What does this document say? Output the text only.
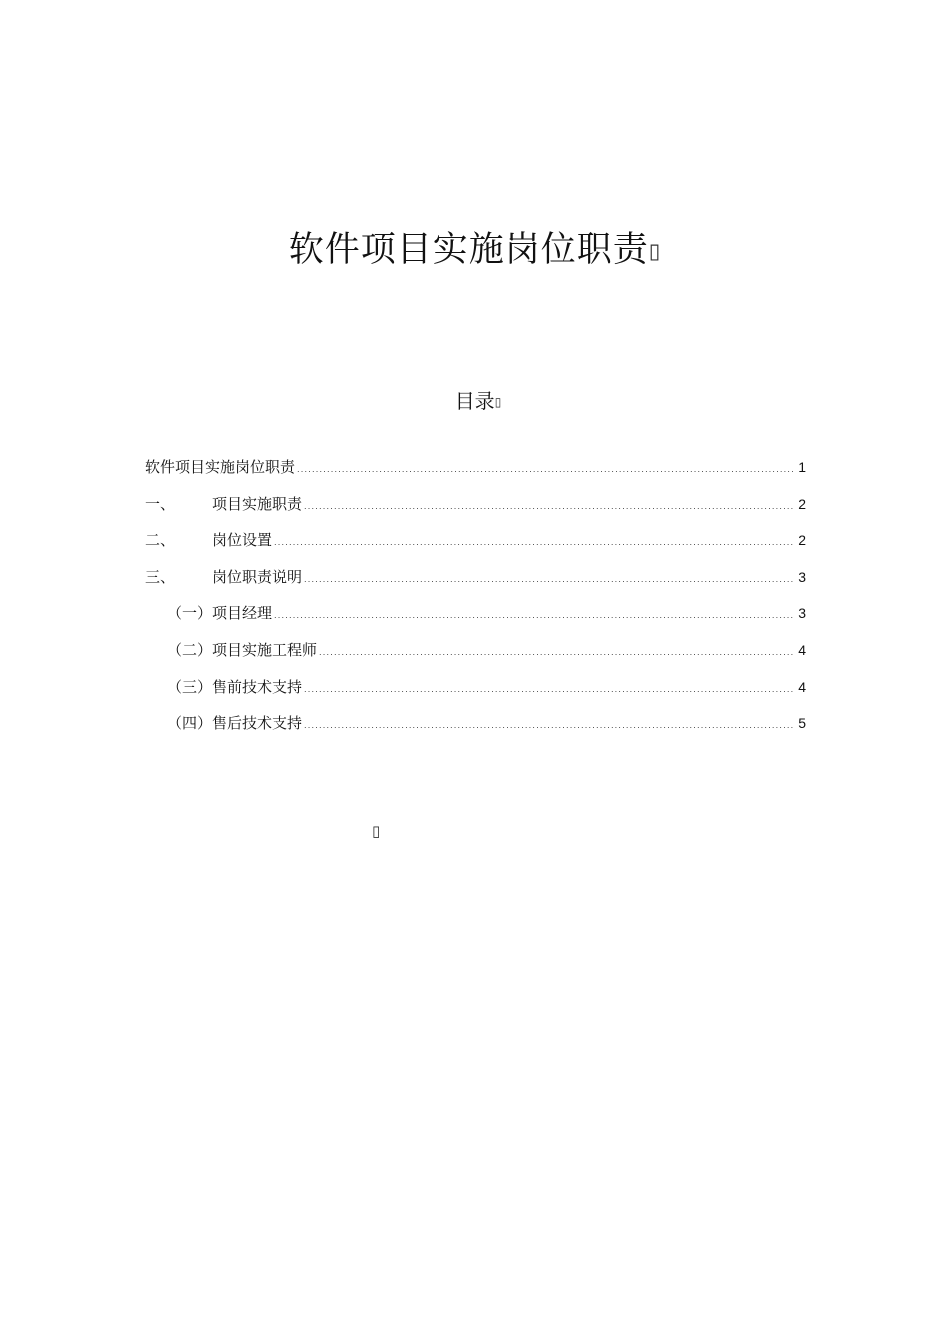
软件项目实施岗位职责▯
目录▯
软件项目实施岗位职责 .....	1
一、	项目实施职责 .....	2
二、	岗位设置 .....	2
三、	岗位职责说明 .....	3
（一）项目经理 .....	3
（二）项目实施工程师 .....	4
（三）售前技术支持 .....	4
（四）售后技术支持 .....	5
▯
